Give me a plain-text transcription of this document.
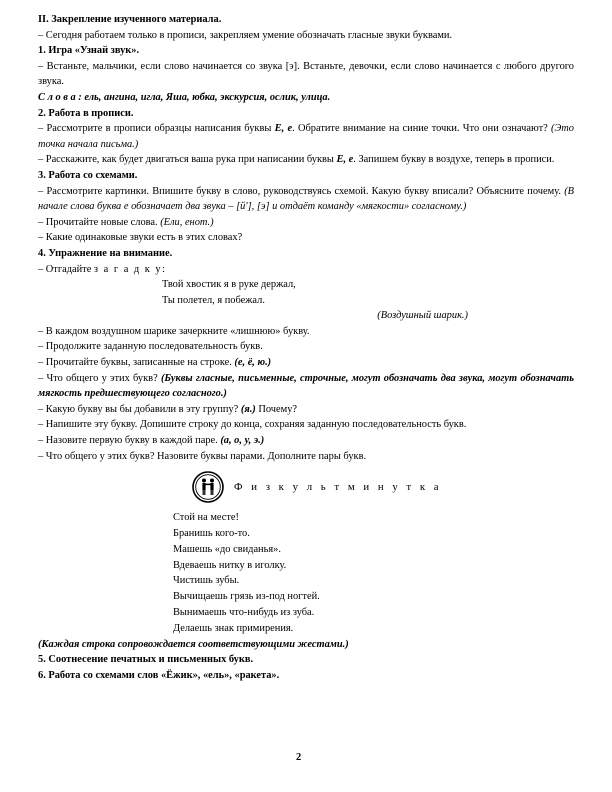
II. Закрепление изученного материала.

– Сегодня работаем только в прописи, закрепляем умение обозначать гласные звуки буквами.

1. Игра «Узнай звук».

– Встаньте, мальчики, если слово начинается со звука [э]. Встаньте, девочки, если слово начинается с любого другого звука.

С л о в а : ель, ангина, игла, Яша, юбка, экскурсия, ослик, улица.

2. Работа в прописи.

– Рассмотрите в прописи образцы написания буквы Е, е. Обратите внимание на синие точки. Что они означают? (Это точка начала письма.)

– Расскажите, как будет двигаться ваша рука при написании буквы Е, е. Запишем букву в воздухе, теперь в прописи.

3. Работа со схемами.

– Рассмотрите картинки. Впишите букву в слово, руководствуясь схемой. Какую букву вписали? Объясните почему. (В начале слова буква е обозначает два звука – [й'], [э] и отдаёт команду «мягкости» согласному.)

– Прочитайте новые слова. (Ели, енот.)

– Какие одинаковые звуки есть в этих словах?

4. Упражнение на внимание.

– Отгадайте з а г а д к у:

Твой хвостик я в руке держал,

Ты полетел, я побежал.

(Воздушный шарик.)

– В каждом воздушном шарике зачеркните «лишнюю» букву.

– Продолжите заданную последовательность букв.

– Прочитайте буквы, записанные на строке. (е, ё, ю.)

– Что общего у этих букв? (Буквы гласные, письменные, строчные, могут обозначать два звука, могут обозначать мягкость предшествующего согласного.)

– Какую букву вы бы добавили в эту группу? (я.) Почему?

– Напишите эту букву. Допишите строку до конца, сохраняя заданную последовательность букв.

– Назовите первую букву в каждой паре. (а, о, у, э.)

– Что общего у этих букв? Назовите буквы парами. Дополните пары букв.

Ф и з к у л ь т м и н у т к а

Стой на месте!

Бранишь кого-то.

Машешь «до свиданья».

Вдеваешь нитку в иголку.

Чистишь зубы.

Вычищаешь грязь из-под ногтей.

Вынимаешь что-нибудь из зуба.

Делаешь знак примирения.

(Каждая строка сопровождается соответствующими жестами.)

5. Соотнесение печатных и письменных букв.

6. Работа со схемами слов «Ёжик», «ель», «ракета».

2
